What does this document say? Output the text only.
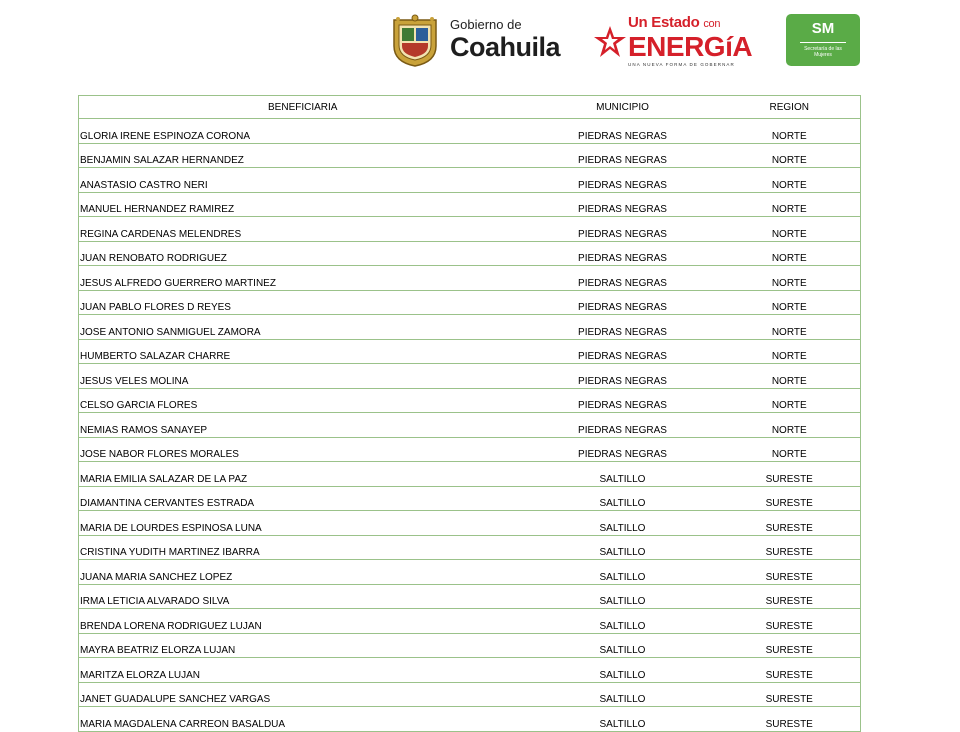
Gobierno de
Coahuila
Un Estado con
ENERGíA
UNA NUEVA FORMA DE GOBERNAR
SM
Secretaría de las Mujeres
BENEFICIARIA	MUNICIPIO	REGION
GLORIA IRENE ESPINOZA CORONA	PIEDRAS NEGRAS	NORTE
BENJAMIN SALAZAR HERNANDEZ	PIEDRAS NEGRAS	NORTE
ANASTASIO CASTRO NERI	PIEDRAS NEGRAS	NORTE
MANUEL HERNANDEZ RAMIREZ	PIEDRAS NEGRAS	NORTE
REGINA CARDENAS MELENDRES	PIEDRAS NEGRAS	NORTE
JUAN RENOBATO RODRIGUEZ	PIEDRAS NEGRAS	NORTE
JESUS ALFREDO GUERRERO MARTINEZ	PIEDRAS NEGRAS	NORTE
JUAN PABLO FLORES D REYES	PIEDRAS NEGRAS	NORTE
JOSE ANTONIO SANMIGUEL ZAMORA	PIEDRAS NEGRAS	NORTE
HUMBERTO SALAZAR CHARRE	PIEDRAS NEGRAS	NORTE
JESUS VELES MOLINA	PIEDRAS NEGRAS	NORTE
CELSO GARCIA FLORES	PIEDRAS NEGRAS	NORTE
NEMIAS RAMOS SANAYEP	PIEDRAS NEGRAS	NORTE
JOSE NABOR FLORES MORALES	PIEDRAS NEGRAS	NORTE
MARIA EMILIA SALAZAR DE LA PAZ	SALTILLO	SURESTE
DIAMANTINA CERVANTES ESTRADA	SALTILLO	SURESTE
MARIA DE LOURDES ESPINOSA LUNA	SALTILLO	SURESTE
CRISTINA YUDITH MARTINEZ IBARRA	SALTILLO	SURESTE
JUANA MARIA SANCHEZ LOPEZ	SALTILLO	SURESTE
IRMA LETICIA ALVARADO SILVA	SALTILLO	SURESTE
BRENDA LORENA RODRIGUEZ LUJAN	SALTILLO	SURESTE
MAYRA BEATRIZ ELORZA LUJAN	SALTILLO	SURESTE
MARITZA ELORZA LUJAN	SALTILLO	SURESTE
JANET GUADALUPE SANCHEZ VARGAS	SALTILLO	SURESTE
MARIA MAGDALENA CARREON BASALDUA	SALTILLO	SURESTE
